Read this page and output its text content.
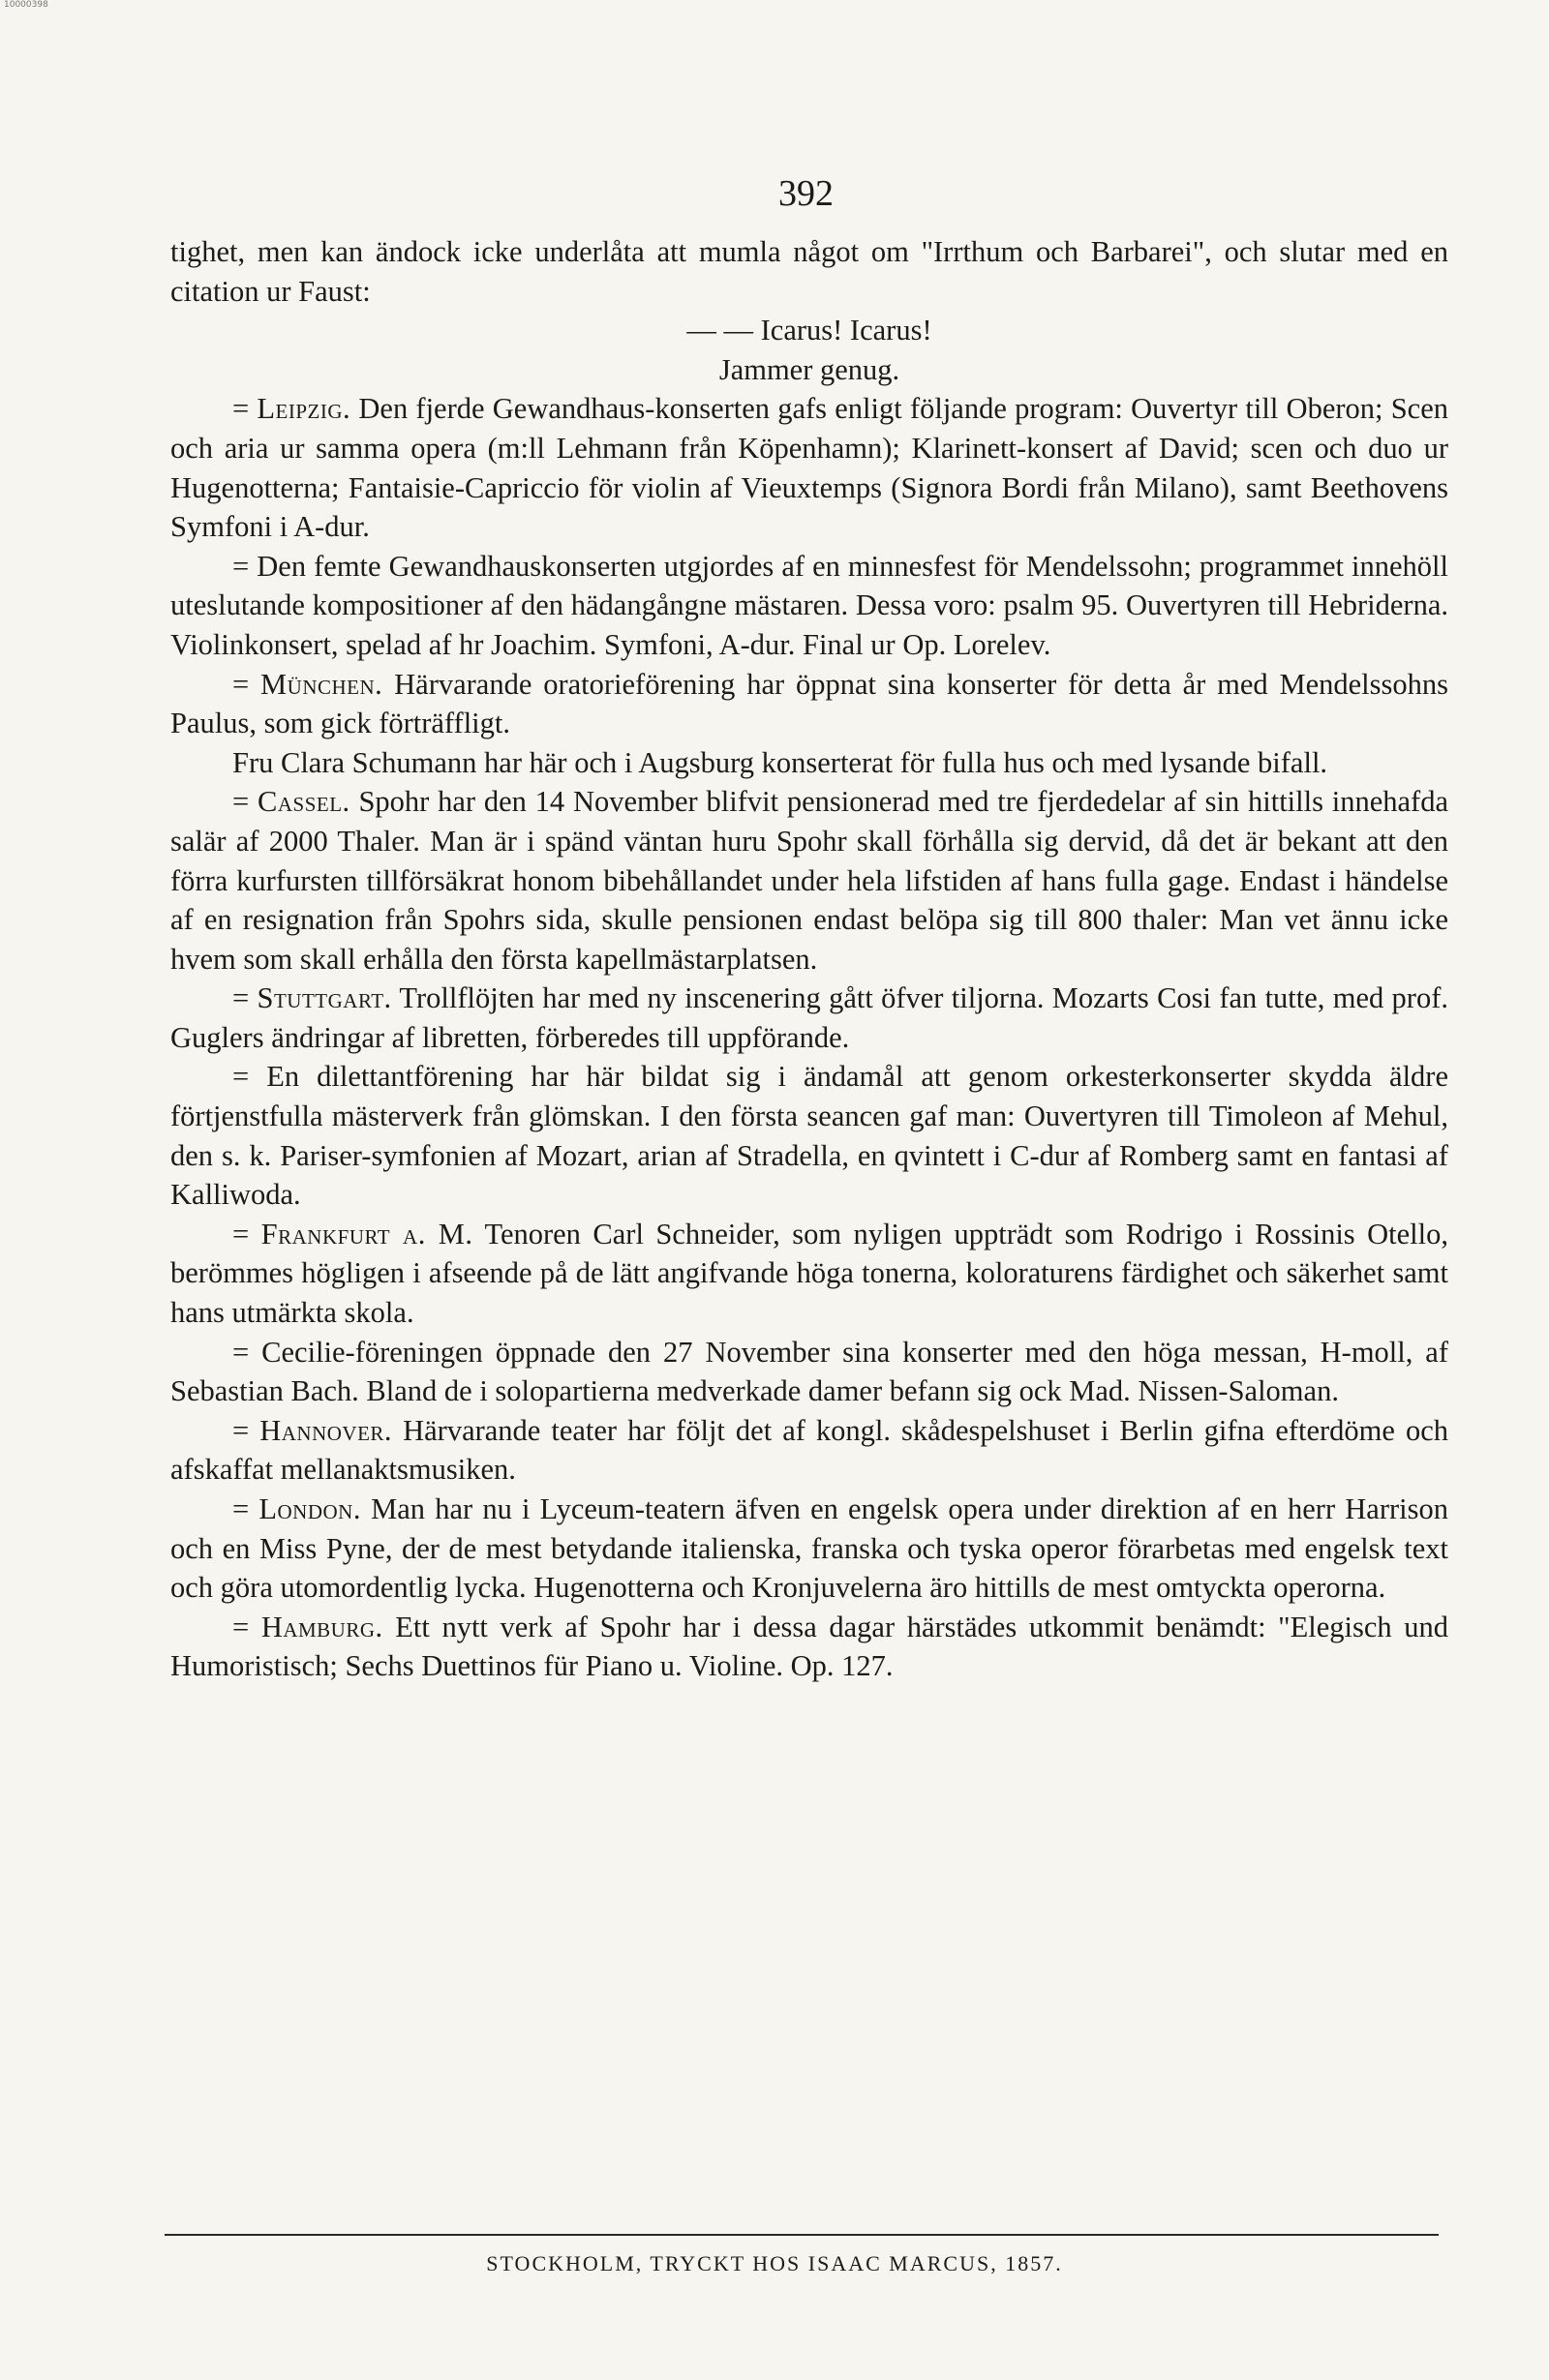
10000398
392

tighet, men kan ändock icke underlåta att mumla något om "Irrthum och Barbarei", och slutar med en citation ur Faust:

— — Icarus! Icarus!

Jammer genug.

= Leipzig. Den fjerde Gewandhaus-konserten gafs enligt följande program: Ouvertyr till Oberon; Scen och aria ur samma opera (m:ll Lehmann från Köpenhamn); Klarinett-konsert af David; scen och duo ur Hugenotterna; Fantaisie-Capriccio för violin af Vieuxtemps (Signora Bordi från Milano), samt Beethovens Symfoni i A-dur.

= Den femte Gewandhauskonserten utgjordes af en minnesfest för Mendelssohn; programmet innehöll uteslutande kompositioner af den hädangångne mästaren. Dessa voro: psalm 95. Ouvertyren till Hebriderna. Violinkonsert, spelad af hr Joachim. Symfoni, A-dur. Final ur Op. Lorelev.

= München. Härvarande oratorieförening har öppnat sina konserter för detta år med Mendelssohns Paulus, som gick förträffligt.

Fru Clara Schumann har här och i Augsburg konserterat för fulla hus och med lysande bifall.

= Cassel. Spohr har den 14 November blifvit pensionerad med tre fjerdedelar af sin hittills innehafda salär af 2000 Thaler. Man är i spänd väntan huru Spohr skall förhålla sig dervid, då det är bekant att den förra kurfursten tillförsäkrat honom bibehållandet under hela lifstiden af hans fulla gage. Endast i händelse af en resignation från Spohrs sida, skulle pensionen endast belöpa sig till 800 thaler: Man vet ännu icke hvem som skall erhålla den första kapellmästarplatsen.

= Stuttgart. Trollflöjten har med ny inscenering gått öfver tiljorna. Mozarts Cosi fan tutte, med prof. Guglers ändringar af libretten, förberedes till uppförande.

= En dilettantförening har här bildat sig i ändamål att genom orkesterkonserter skydda äldre förtjenstfulla mästerverk från glömskan. I den första seancen gaf man: Ouvertyren till Timoleon af Mehul, den s. k. Pariser-symfonien af Mozart, arian af Stradella, en qvintett i C-dur af Romberg samt en fantasi af Kalliwoda.

= Frankfurt a. M. Tenoren Carl Schneider, som nyligen uppträdt som Rodrigo i Rossinis Otello, berömmes högligen i afseende på de lätt angifvande höga tonerna, koloraturens färdighet och säkerhet samt hans utmärkta skola.

= Cecilie-föreningen öppnade den 27 November sina konserter med den höga messan, H-moll, af Sebastian Bach. Bland de i solopartierna medverkade damer befann sig ock Mad. Nissen-Saloman.

= Hannover. Härvarande teater har följt det af kongl. skådespelshuset i Berlin gifna efterdöme och afskaffat mellanaktsmusiken.

= London. Man har nu i Lyceum-teatern äfven en engelsk opera under direktion af en herr Harrison och en Miss Pyne, der de mest betydande italienska, franska och tyska operor förarbetas med engelsk text och göra utomordentlig lycka. Hugenotterna och Kronjuvelerna äro hittills de mest omtyckta operorna.

= Hamburg. Ett nytt verk af Spohr har i dessa dagar härstädes utkommit benämdt: "Elegisch und Humoristisch; Sechs Duettinos für Piano u. Violine. Op. 127.

STOCKHOLM, TRYCKT HOS ISAAC MARCUS, 1857.
